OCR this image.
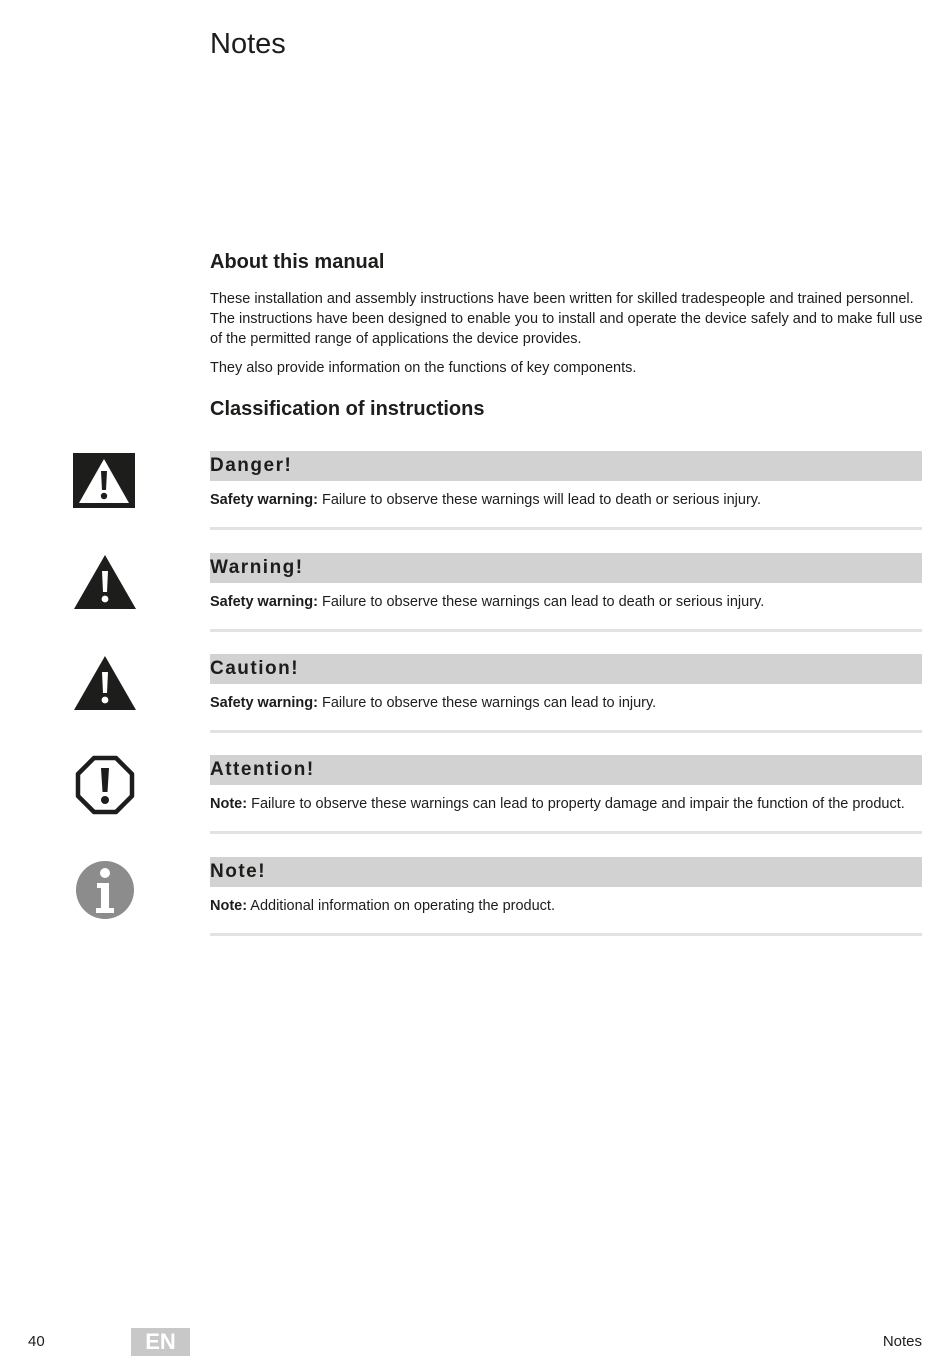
Notes
About this manual

These installation and assembly instructions have been written for skilled tradespeople and trained personnel. The instructions have been designed to enable you to install and operate the device safely and to make full use of the permitted range of applications the device provides.

They also provide information on the functions of key components.

Classification of instructions
Danger!
Safety warning: Failure to observe these warnings will lead to death or serious injury.
Warning!
Safety warning: Failure to observe these warnings can lead to death or serious injury.
Caution!
Safety warning: Failure to observe these warnings can lead to injury.
Attention!
Note: Failure to observe these warnings can lead to property damage and impair the function of the product.
Note!
Note: Additional information on operating the product.
40	EN	Notes
